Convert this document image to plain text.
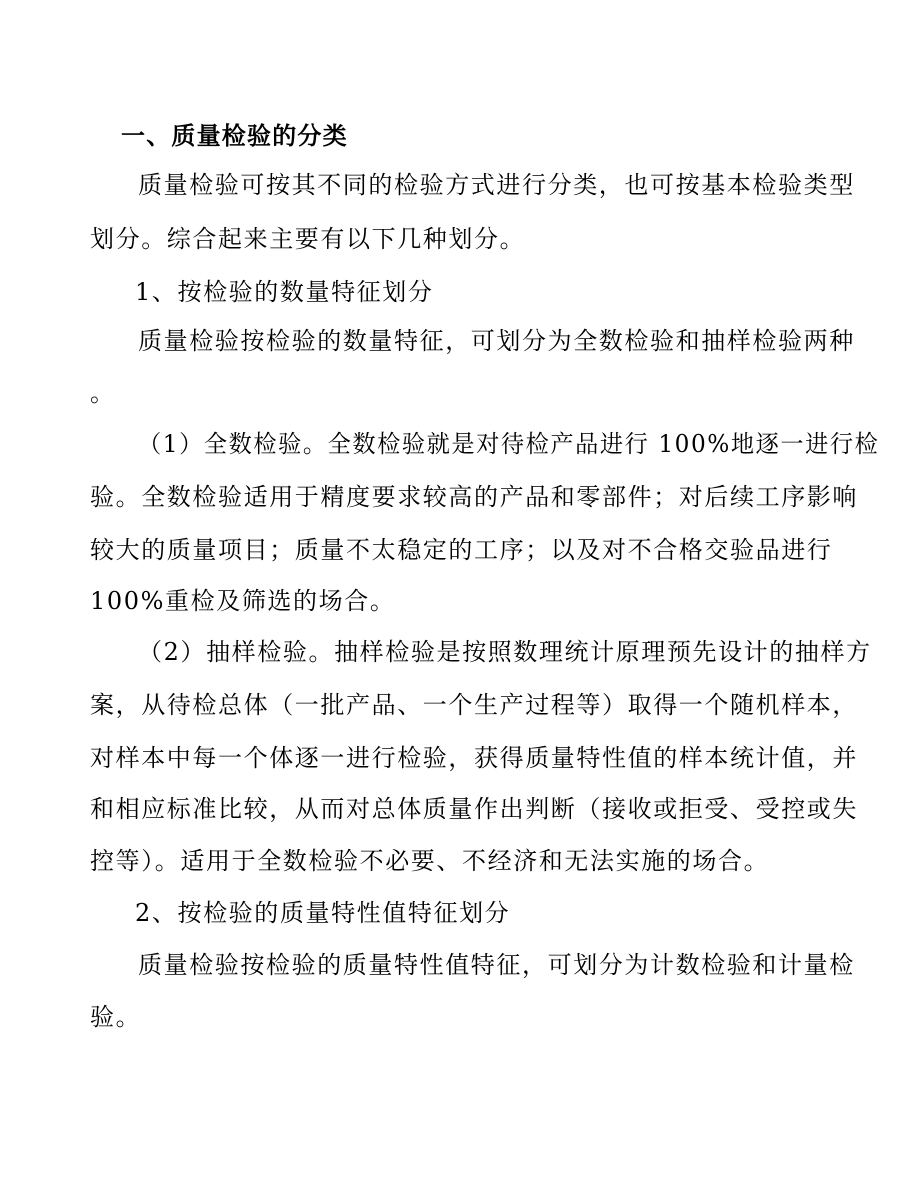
一、质量检验的分类
质量检验可按其不同的检验方式进行分类，也可按基本检验类型
划分。综合起来主要有以下几种划分。
1、按检验的数量特征划分
质量检验按检验的数量特征，可划分为全数检验和抽样检验两种
。
（1）全数检验。全数检验就是对待检产品进行 100%地逐一进行检
验。全数检验适用于精度要求较高的产品和零部件；对后续工序影响
较大的质量项目；质量不太稳定的工序；以及对不合格交验品进行
100%重检及筛选的场合。
（2）抽样检验。抽样检验是按照数理统计原理预先设计的抽样方
案，从待检总体（一批产品、一个生产过程等）取得一个随机样本，
对样本中每一个体逐一进行检验，获得质量特性值的样本统计值，并
和相应标准比较，从而对总体质量作出判断（接收或拒受、受控或失
控等）。适用于全数检验不必要、不经济和无法实施的场合。
2、按检验的质量特性值特征划分
质量检验按检验的质量特性值特征，可划分为计数检验和计量检
验。
